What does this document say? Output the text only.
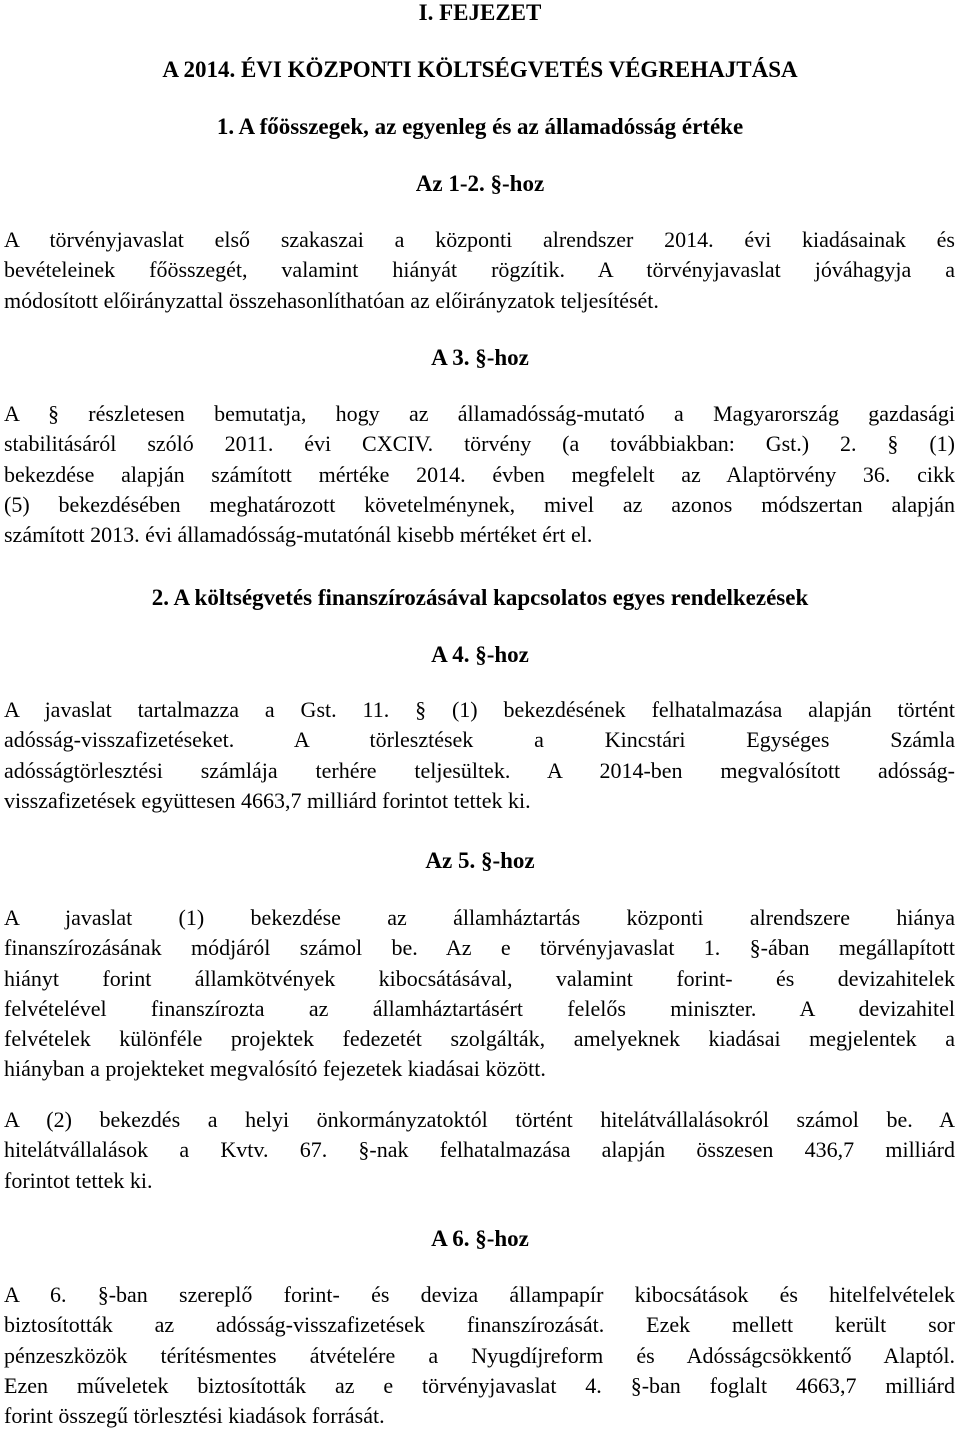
I. FEJEZET
A 2014. ÉVI KÖZPONTI KÖLTSÉGVETÉS VÉGREHAJTÁSA
1. A főösszegek, az egyenleg és az államadósság értéke
Az 1-2. §-hoz
A törvényjavaslat első szakaszai a központi alrendszer 2014. évi kiadásainak és
bevételeinek főösszegét, valamint hiányát rögzítik. A törvényjavaslat jóváhagyja a
módosított előirányzattal összehasonlíthatóan az előirányzatok teljesítését.
A 3. §-hoz
A § részletesen bemutatja, hogy az államadósság-mutató a Magyarország gazdasági
stabilitásáról szóló 2011. évi CXCIV. törvény (a továbbiakban: Gst.) 2. § (1)
bekezdése alapján számított mértéke 2014. évben megfelelt az Alaptörvény 36. cikk
(5) bekezdésében meghatározott követelménynek, mivel az azonos módszertan alapján
számított 2013. évi államadósság-mutatónál kisebb mértéket ért el.
2. A költségvetés finanszírozásával kapcsolatos egyes rendelkezések
A 4. §-hoz
A javaslat tartalmazza a Gst. 11. § (1) bekezdésének felhatalmazása alapján történt
adósság-visszafizetéseket. A törlesztések a Kincstári Egységes Számla
adósságtörlesztési számlája terhére teljesültek. A 2014-ben megvalósított adósság-
visszafizetések együttesen 4663,7 milliárd forintot tettek ki.
Az 5. §-hoz
A javaslat (1) bekezdése az államháztartás központi alrendszere hiánya
finanszírozásának módjáról számol be. Az e törvényjavaslat 1. §-ában megállapított
hiányt forint államkötvények kibocsátásával, valamint forint- és devizahitelek
felvételével finanszírozta az államháztartásért felelős miniszter. A devizahitel
felvételek különféle projektek fedezetét szolgálták, amelyeknek kiadásai megjelentek a
hiányban a projekteket megvalósító fejezetek kiadásai között.
A (2) bekezdés a helyi önkormányzatoktól történt hitelátvállalásokról számol be. A
hitelátvállalások a Kvtv. 67. §-nak felhatalmazása alapján összesen 436,7 milliárd
forintot tettek ki.
A 6. §-hoz
A 6. §-ban szereplő forint- és deviza állampapír kibocsátások és hitelfelvételek
biztosították az adósság-visszafizetések finanszírozását. Ezek mellett került sor
pénzeszközök térítésmentes átvételére a Nyugdíjreform és Adósságcsökkentő Alaptól.
Ezen műveletek biztosították az e törvényjavaslat 4. §-ban foglalt 4663,7 milliárd
forint összegű törlesztési kiadások forrását.
